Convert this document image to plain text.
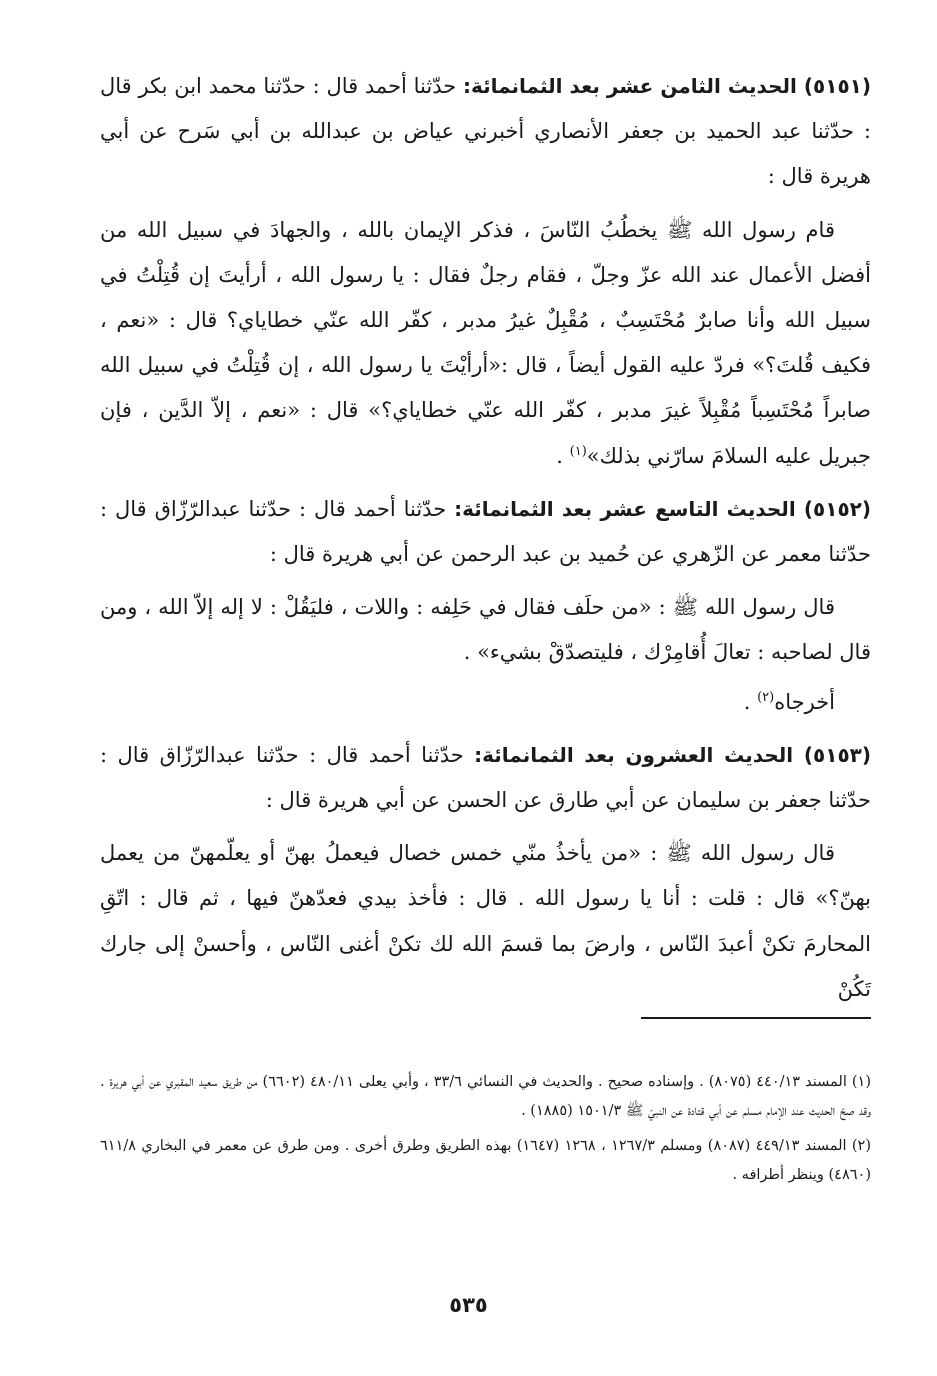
(٥١٥١) الحديث الثامن عشر بعد الثمانمائة: حدّثنا أحمد قال : حدّثنا محمد ابن بكر قال : حدّثنا عبد الحميد بن جعفر الأنصاري أخبرني عياض بن عبدالله بن أبي سَرح عن أبي هريرة قال :

قام رسول الله ﷺ يخطُبُ النّاسَ ، فذكر الإيمان بالله ، والجهادَ في سبيل الله من أفضل الأعمال عند الله عزّ وجلّ ، فقام رجلٌ فقال : يا رسول الله ، أرأيتَ إن قُتِلْتُ في سبيل الله وأنا صابرٌ مُحْتَسِبٌ ، مُقْبِلٌ غيرُ مدبر ، كفّر الله عنّي خطاياي؟ قال : «نعم ، فكيف قُلتَ؟» فردّ عليه القول أيضاً ، قال :«أرأيْتَ يا رسول الله ، إن قُتِلْتُ في سبيل الله صابراً مُحْتَسِباً مُقْبِلاً غيرَ مدبر ، كفّر الله عنّي خطاياي؟» قال : «نعم ، إلاّ الدَّين ، فإن جبريل عليه السلامَ سارّني بذلك»$^{(١)}$ .

(٥١٥٢) الحديث التاسع عشر بعد الثمانمائة: حدّثنا أحمد قال : حدّثنا عبدالرّزّاق قال : حدّثنا معمر عن الزّهري عن حُميد بن عبد الرحمن عن أبي هريرة قال :

قال رسول الله ﷺ : «من حلَف فقال في حَلِفه : واللات ، فليَقُلْ : لا إله إلاّ الله ، ومن قال لصاحبه : تعالَ أُقامِرْك ، فليتصدّقْ بشيء» .

أخرجاه$^{(٢)}$ .

(٥١٥٣) الحديث العشرون بعد الثمانمائة: حدّثنا أحمد قال : حدّثنا عبدالرّزّاق قال : حدّثنا جعفر بن سليمان عن أبي طارق عن الحسن عن أبي هريرة قال :

قال رسول الله ﷺ : «من يأخذُ منّي خمس خصال فيعملُ بهنّ أو يعلّمهنّ من يعمل بهنّ؟» قال : قلت : أنا يا رسول الله . قال : فأخذ بيدي فعدّهنّ فيها ، ثم قال : اتّقِ المحارمَ تكنْ أعبدَ النّاس ، وارضَ بما قسمَ الله لك تكنْ أغنى النّاس ، وأحسنْ إلى جارك تَكُنْ

(١) المسند ٤٤٠/١٣ (٨٠٧٥) . وإسناده صحيح . والحديث في النسائي ٣٣/٦ ، وأبي يعلى ٤٨٠/١١ (٦٦٠٢) من طريق سعيد المقبري عن أبي هريرة . وقد صحّ الحديث عند الإمام مسلم عن أبي قتادة عن النبيّ ﷺ ١٥٠١/٣ (١٨٨٥) .

(٢) المسند ٤٤٩/١٣ (٨٠٨٧) ومسلم ١٢٦٧/٣ ، ١٢٦٨ (١٦٤٧) بهذه الطريق وطرق أخرى . ومن طرق عن معمر في البخاري ٦١١/٨ (٤٨٦٠) وينظر أطرافه .

٥٣٥
